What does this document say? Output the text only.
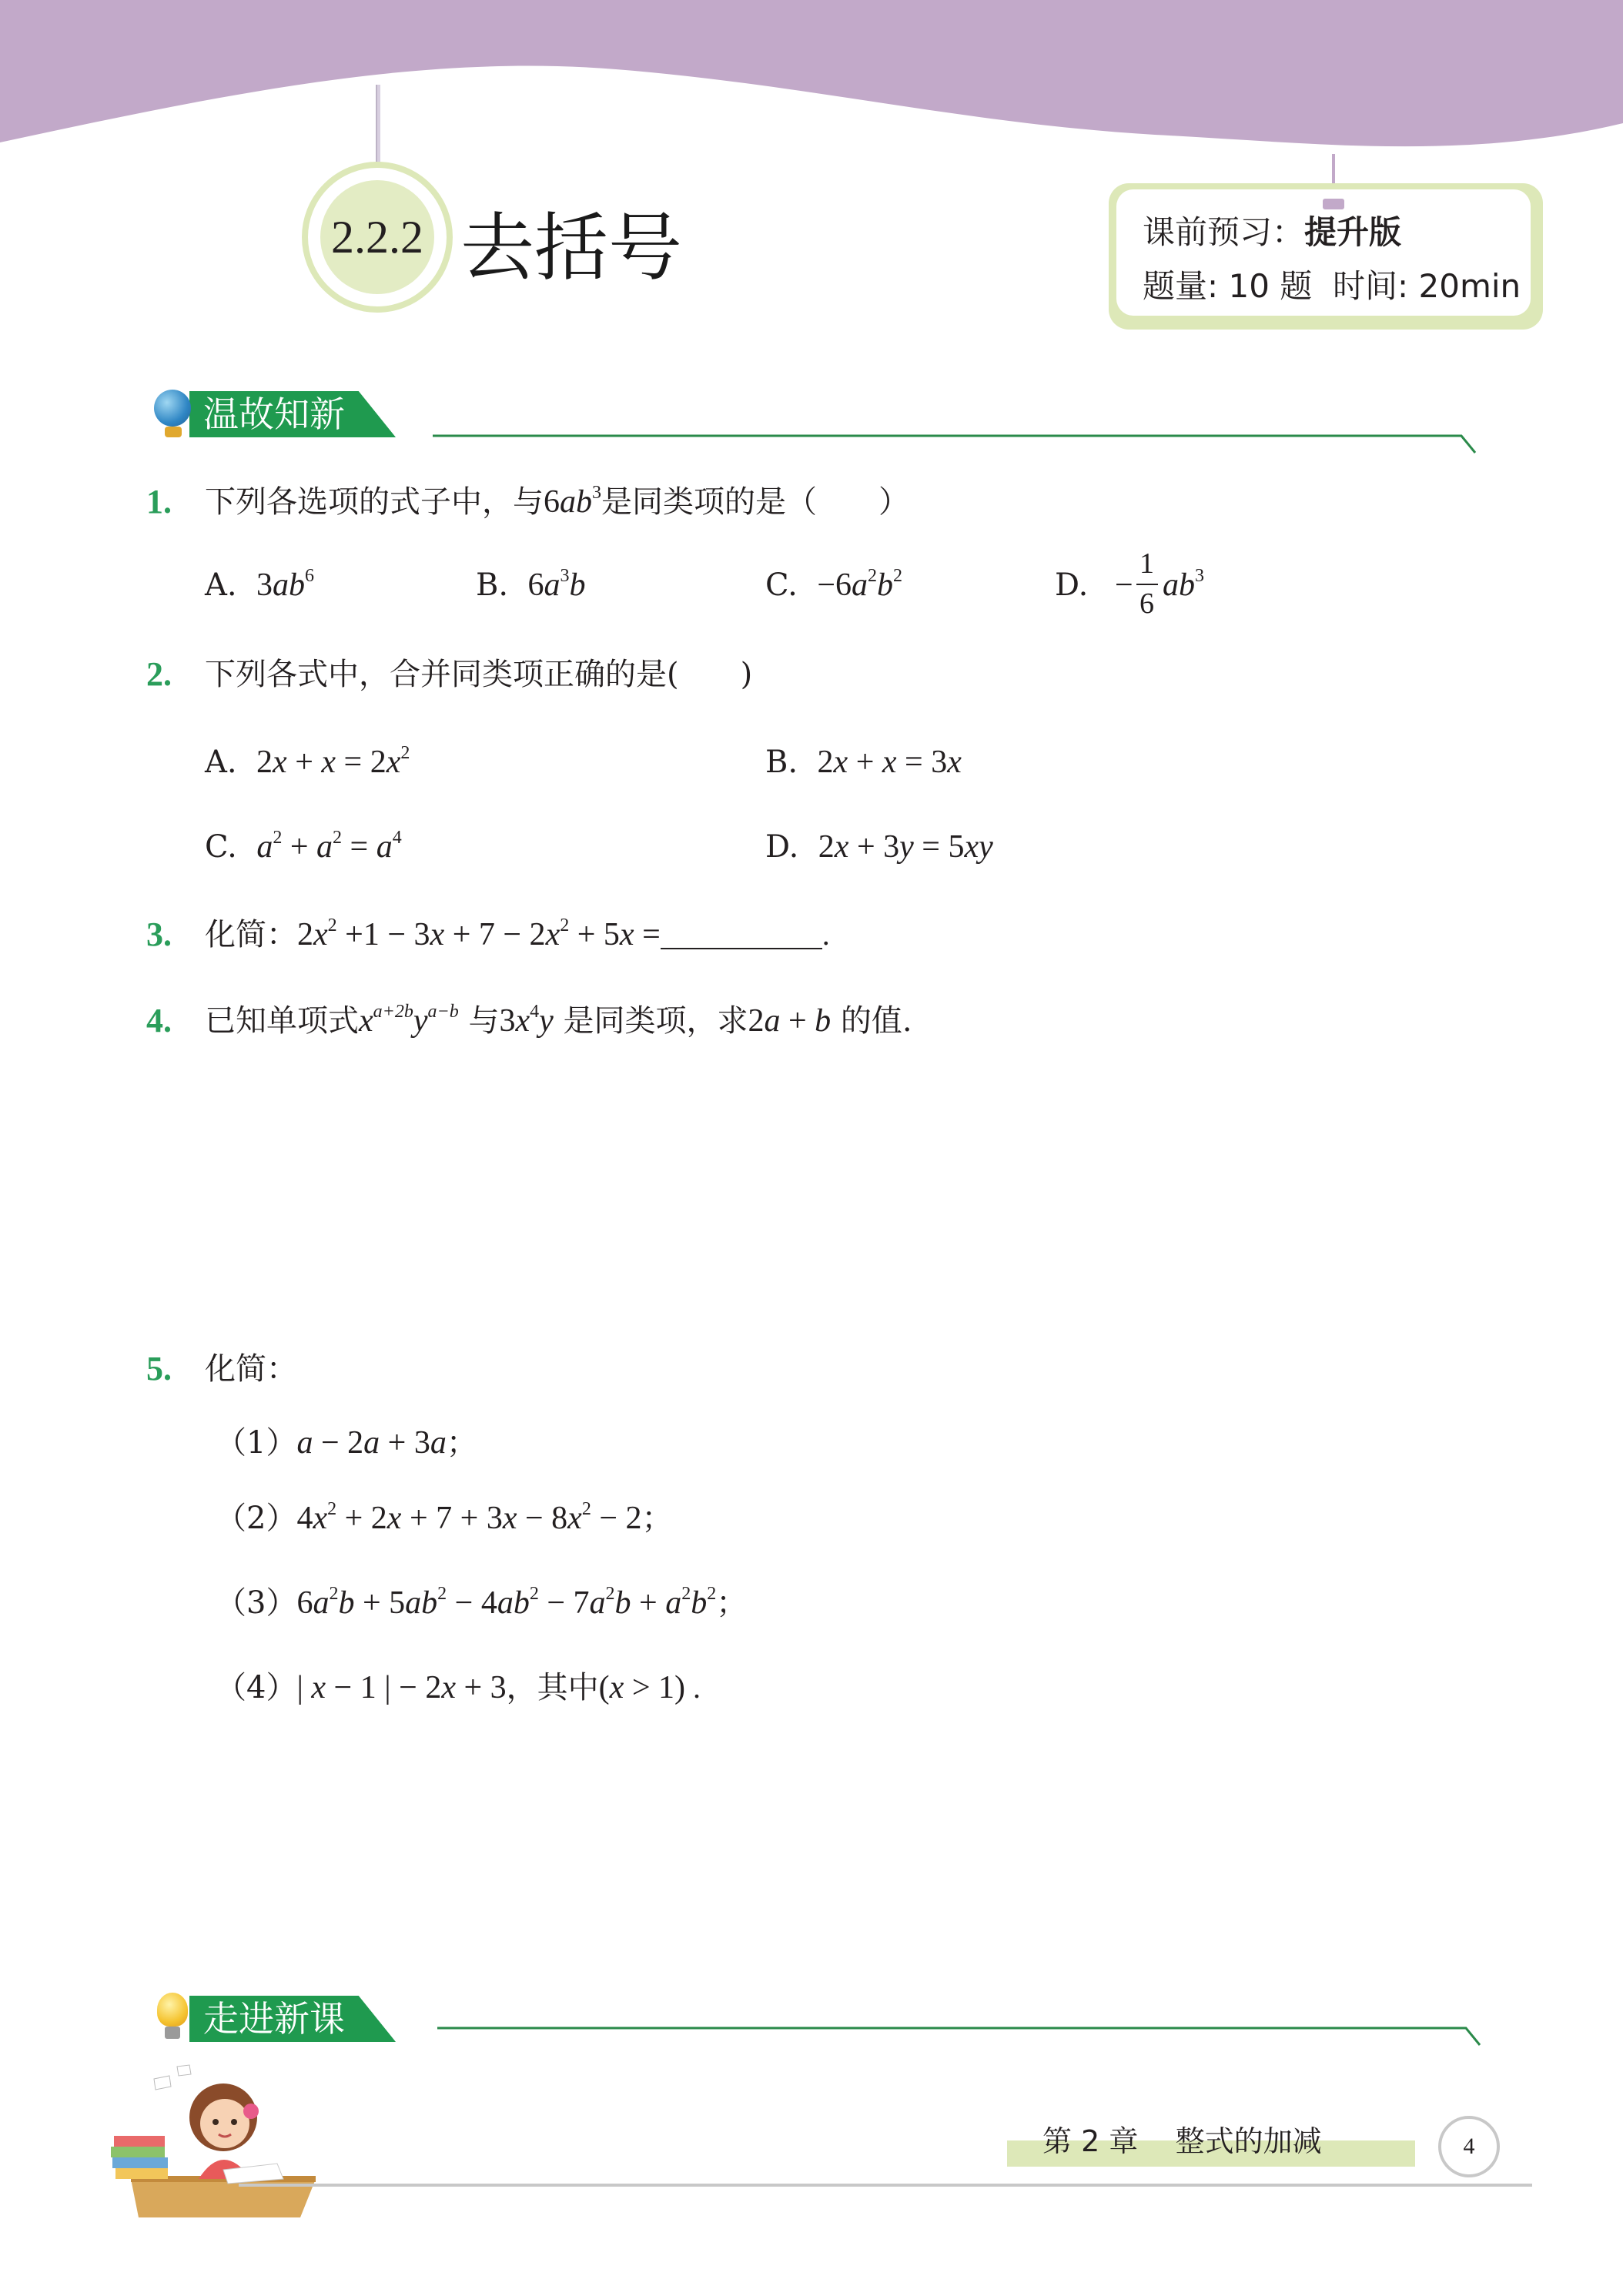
2.2.2 去括号	课前预习：提升版
题量: 10 题  时间: 20min
温故知新
1. 下列各选项的式子中，与$6ab^3$是同类项的是（　　）
A. $3ab^6$	B. $6a^3b$	C. $-6a^2b^2$	D. −
1
6
$ab^3$
2. 下列各式中，合并同类项正确的是(　　)
A. $2x + x = 2x^2$	B. 2x + x = 3x
C. $a^2 + a^2 = a^4$	D. 2x + 3y = 5xy
3. 化简：$2x^2 +1 - 3x + 7 - 2x^2 + 5x$ =	.
4. 已知单项式$x^{a+2b}y^{a-b}$ 与$3x^4y$ 是同类项，求2a + b 的值.
5. 化简：
（1）a − 2a + 3a；
$(2)4x^2 + 2x + 7 + 3x - 8x^2 - 2$；
$(3)6a^2b + 5ab^2 - 4ab^2 - 7a^2b + a^2b^2$；
（4）| x − 1 | − 2x + 3，其中(x > 1) .
走进新课
第 2 章 整式的加减	4
